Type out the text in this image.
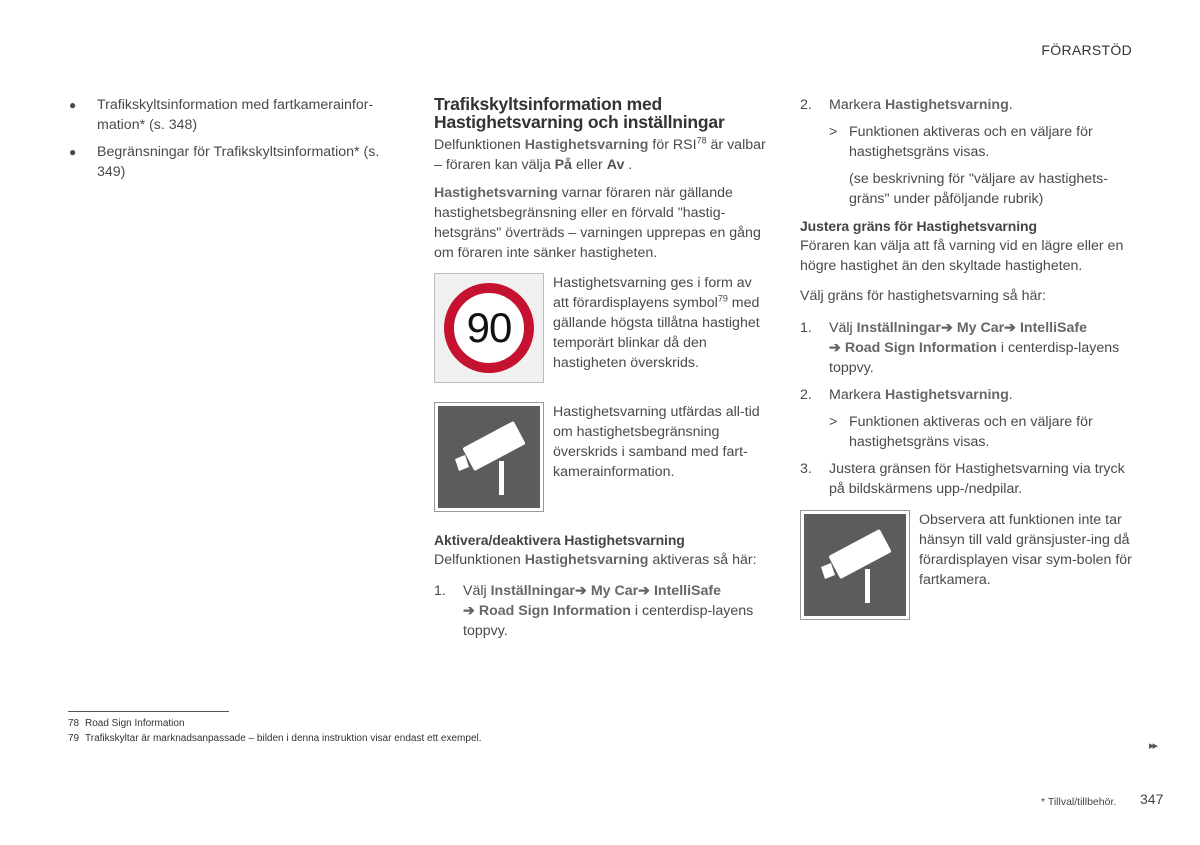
FÖRARSTÖD
●	Trafikskyltsinformation med fartkamerainfor-mation* (s. 348)
●	Begränsningar för Trafikskyltsinformation* (s. 349)
Trafikskyltsinformation med
Hastighetsvarning och inställningar
Delfunktionen Hastighetsvarning för RSI$^{78}$ är valbar – föraren kan välja På eller Av .
Hastighetsvarning varnar föraren när gällande hastighetsbegränsning eller en förvald "hastig-hetsgräns" överträds – varningen upprepas en gång om föraren inte sänker hastigheten.
90
Hastighetsvarning ges i form av att förardisplayens symbol$^{79}$ med gällande högsta tillåtna hastighet temporärt blinkar då den hastigheten överskrids.
Hastighetsvarning utfärdas all-tid om hastighetsbegränsning överskrids i samband med fart-kamerainformation.
Aktivera/deaktivera Hastighetsvarning
Delfunktionen Hastighetsvarning aktiveras så här:
1.	Välj Inställningar➔ My Car➔ IntelliSafe
➔ Road Sign Information i centerdisp-layens toppvy.
2.	Markera Hastighetsvarning.
> Funktionen aktiveras och en väljare för hastighetsgräns visas.
(se beskrivning för "väljare av hastighets-gräns" under påföljande rubrik)
Justera gräns för Hastighetsvarning
Föraren kan välja att få varning vid en lägre eller en högre hastighet än den skyltade hastigheten.
Välj gräns för hastighetsvarning så här:
1.	Välj Inställningar➔ My Car➔ IntelliSafe
➔ Road Sign Information i centerdisp-layens toppvy.
2.	Markera Hastighetsvarning.
> Funktionen aktiveras och en väljare för hastighetsgräns visas.
3.	Justera gränsen för Hastighetsvarning via tryck på bildskärmens upp-/nedpilar.
Observera att funktionen inte tar hänsyn till vald gränsjuster-ing då förardisplayen visar sym-bolen för fartkamera.
78 Road Sign Information
79 Trafikskyltar är marknadsanpassade – bilden i denna instruktion visar endast ett exempel.
▸▸
* Tillval/tillbehör. 347
